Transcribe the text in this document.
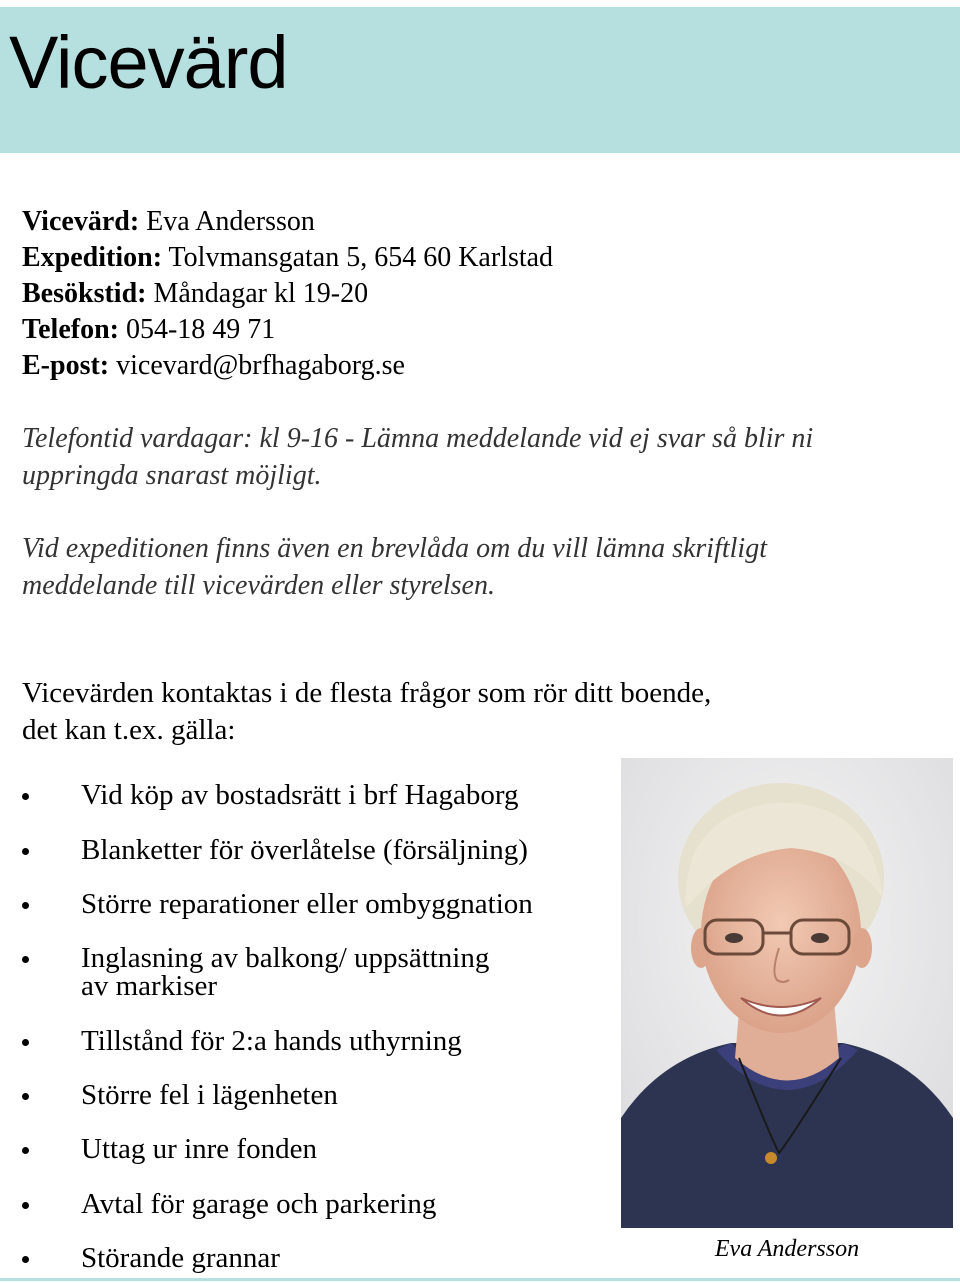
Vicevärd
Vicevärd: Eva Andersson
Expedition: Tolvmansgatan 5, 654 60 Karlstad
Besökstid: Måndagar kl 19-20
Telefon: 054-18 49 71
E-post: vicevard@brfhagaborg.se
Telefontid vardagar: kl 9-16 - Lämna meddelande vid ej svar så blir ni
uppringda snarast möjligt.
Vid expeditionen finns även en brevlåda om du vill lämna skriftligt
meddelande till vicevärden eller styrelsen.
Vicevärden kontaktas i de flesta frågor som rör ditt boende,
det kan t.ex. gälla:
Vid köp av bostadsrätt i brf Hagaborg
Blanketter för överlåtelse (försäljning)
Större reparationer eller ombyggnation
Inglasning av balkong/ uppsättning
av markiser
Tillstånd för 2:a hands uthyrning
Större fel i lägenheten
Uttag ur inre fonden
Avtal för garage och parkering
Störande grannar	Eva Andersson
